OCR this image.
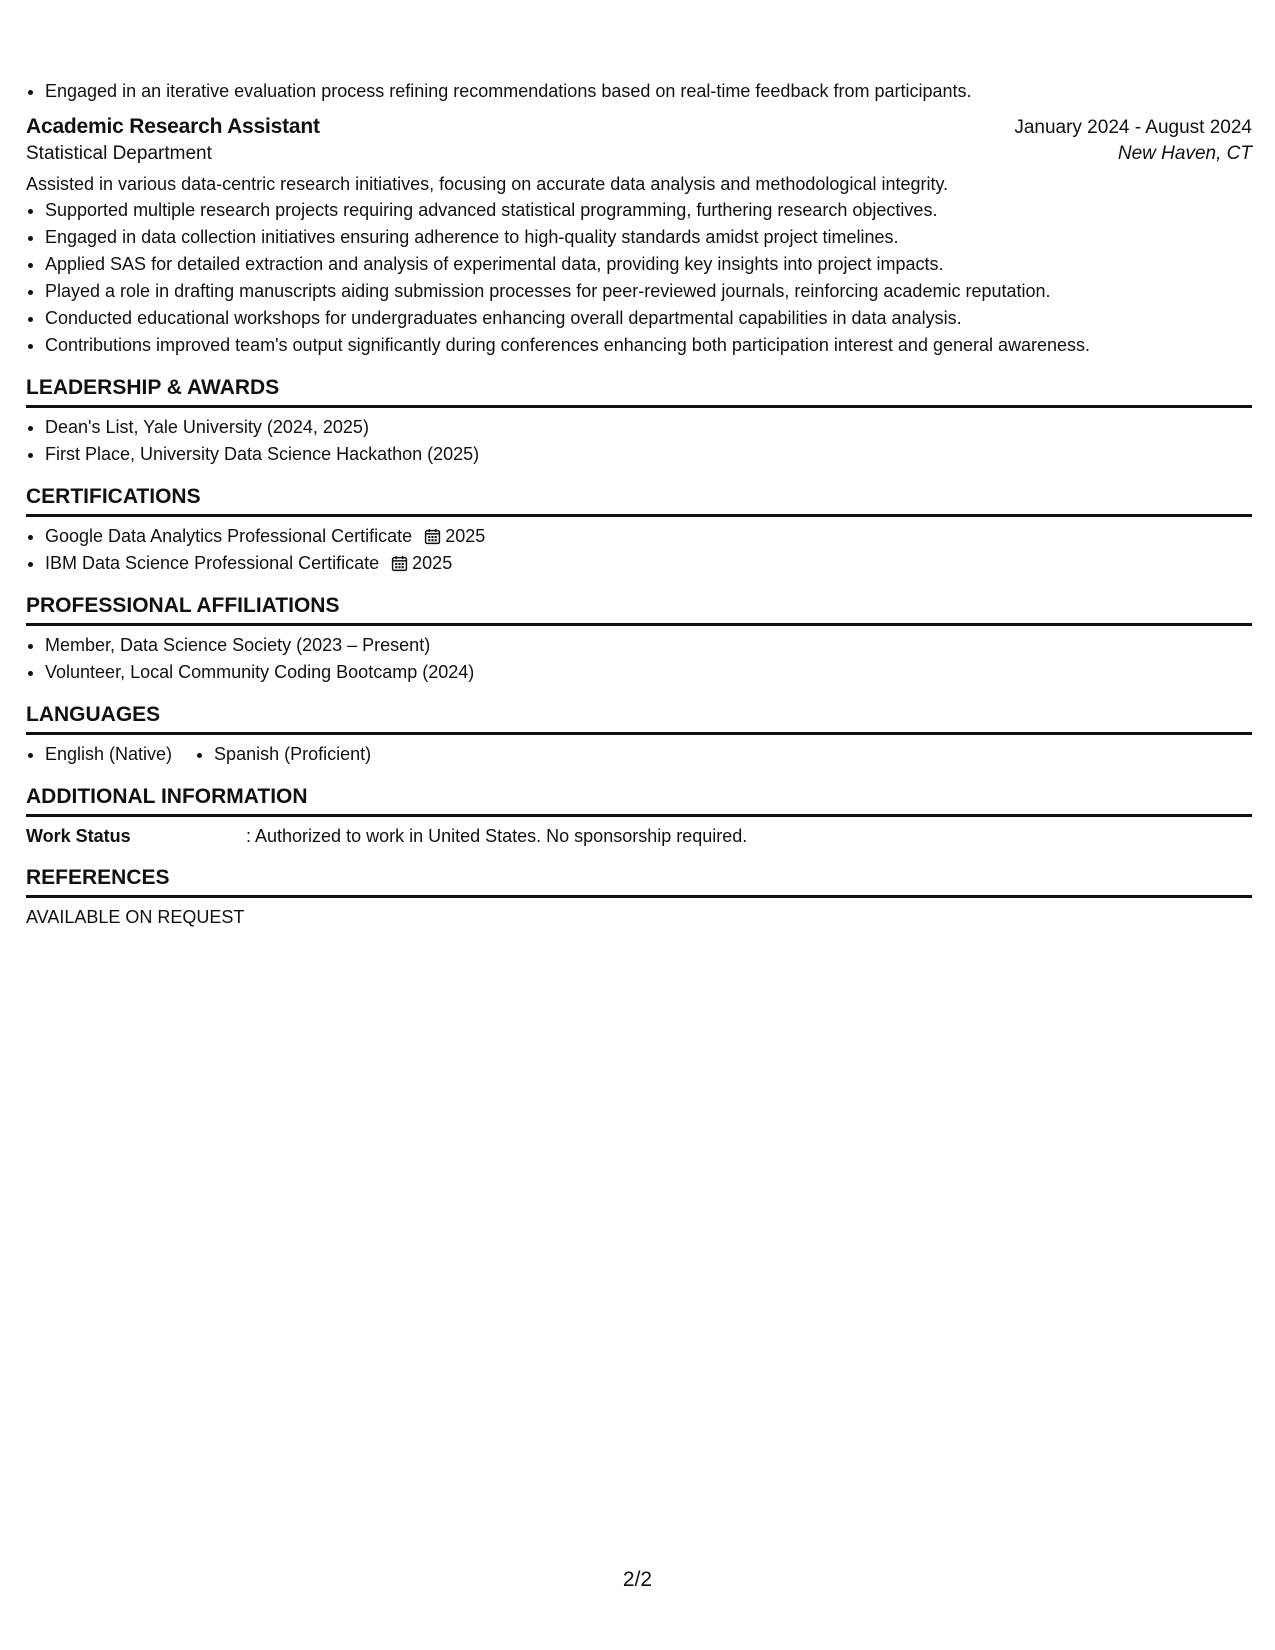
• Engaged in an iterative evaluation process refining recommendations based on real-time feedback from participants.
Academic Research Assistant	January 2024 - August 2024
Statistical Department	New Haven, CT
Assisted in various data-centric research initiatives, focusing on accurate data analysis and methodological integrity.
• Supported multiple research projects requiring advanced statistical programming, furthering research objectives.
• Engaged in data collection initiatives ensuring adherence to high-quality standards amidst project timelines.
• Applied SAS for detailed extraction and analysis of experimental data, providing key insights into project impacts.
• Played a role in drafting manuscripts aiding submission processes for peer-reviewed journals, reinforcing academic reputation.
• Conducted educational workshops for undergraduates enhancing overall departmental capabilities in data analysis.
• Contributions improved team's output significantly during conferences enhancing both participation interest and general awareness.
LEADERSHIP & AWARDS
• Dean's List, Yale University (2024, 2025)
• First Place, University Data Science Hackathon (2025)
CERTIFICATIONS
• Google Data Analytics Professional Certificate 2025
• IBM Data Science Professional Certificate 2025
PROFESSIONAL AFFILIATIONS
• Member, Data Science Society (2023 – Present)
• Volunteer, Local Community Coding Bootcamp (2024)
LANGUAGES
• English (Native)
• Spanish (Proficient)
ADDITIONAL INFORMATION
Work Status	: Authorized to work in United States. No sponsorship required.
REFERENCES
AVAILABLE ON REQUEST
2/2
